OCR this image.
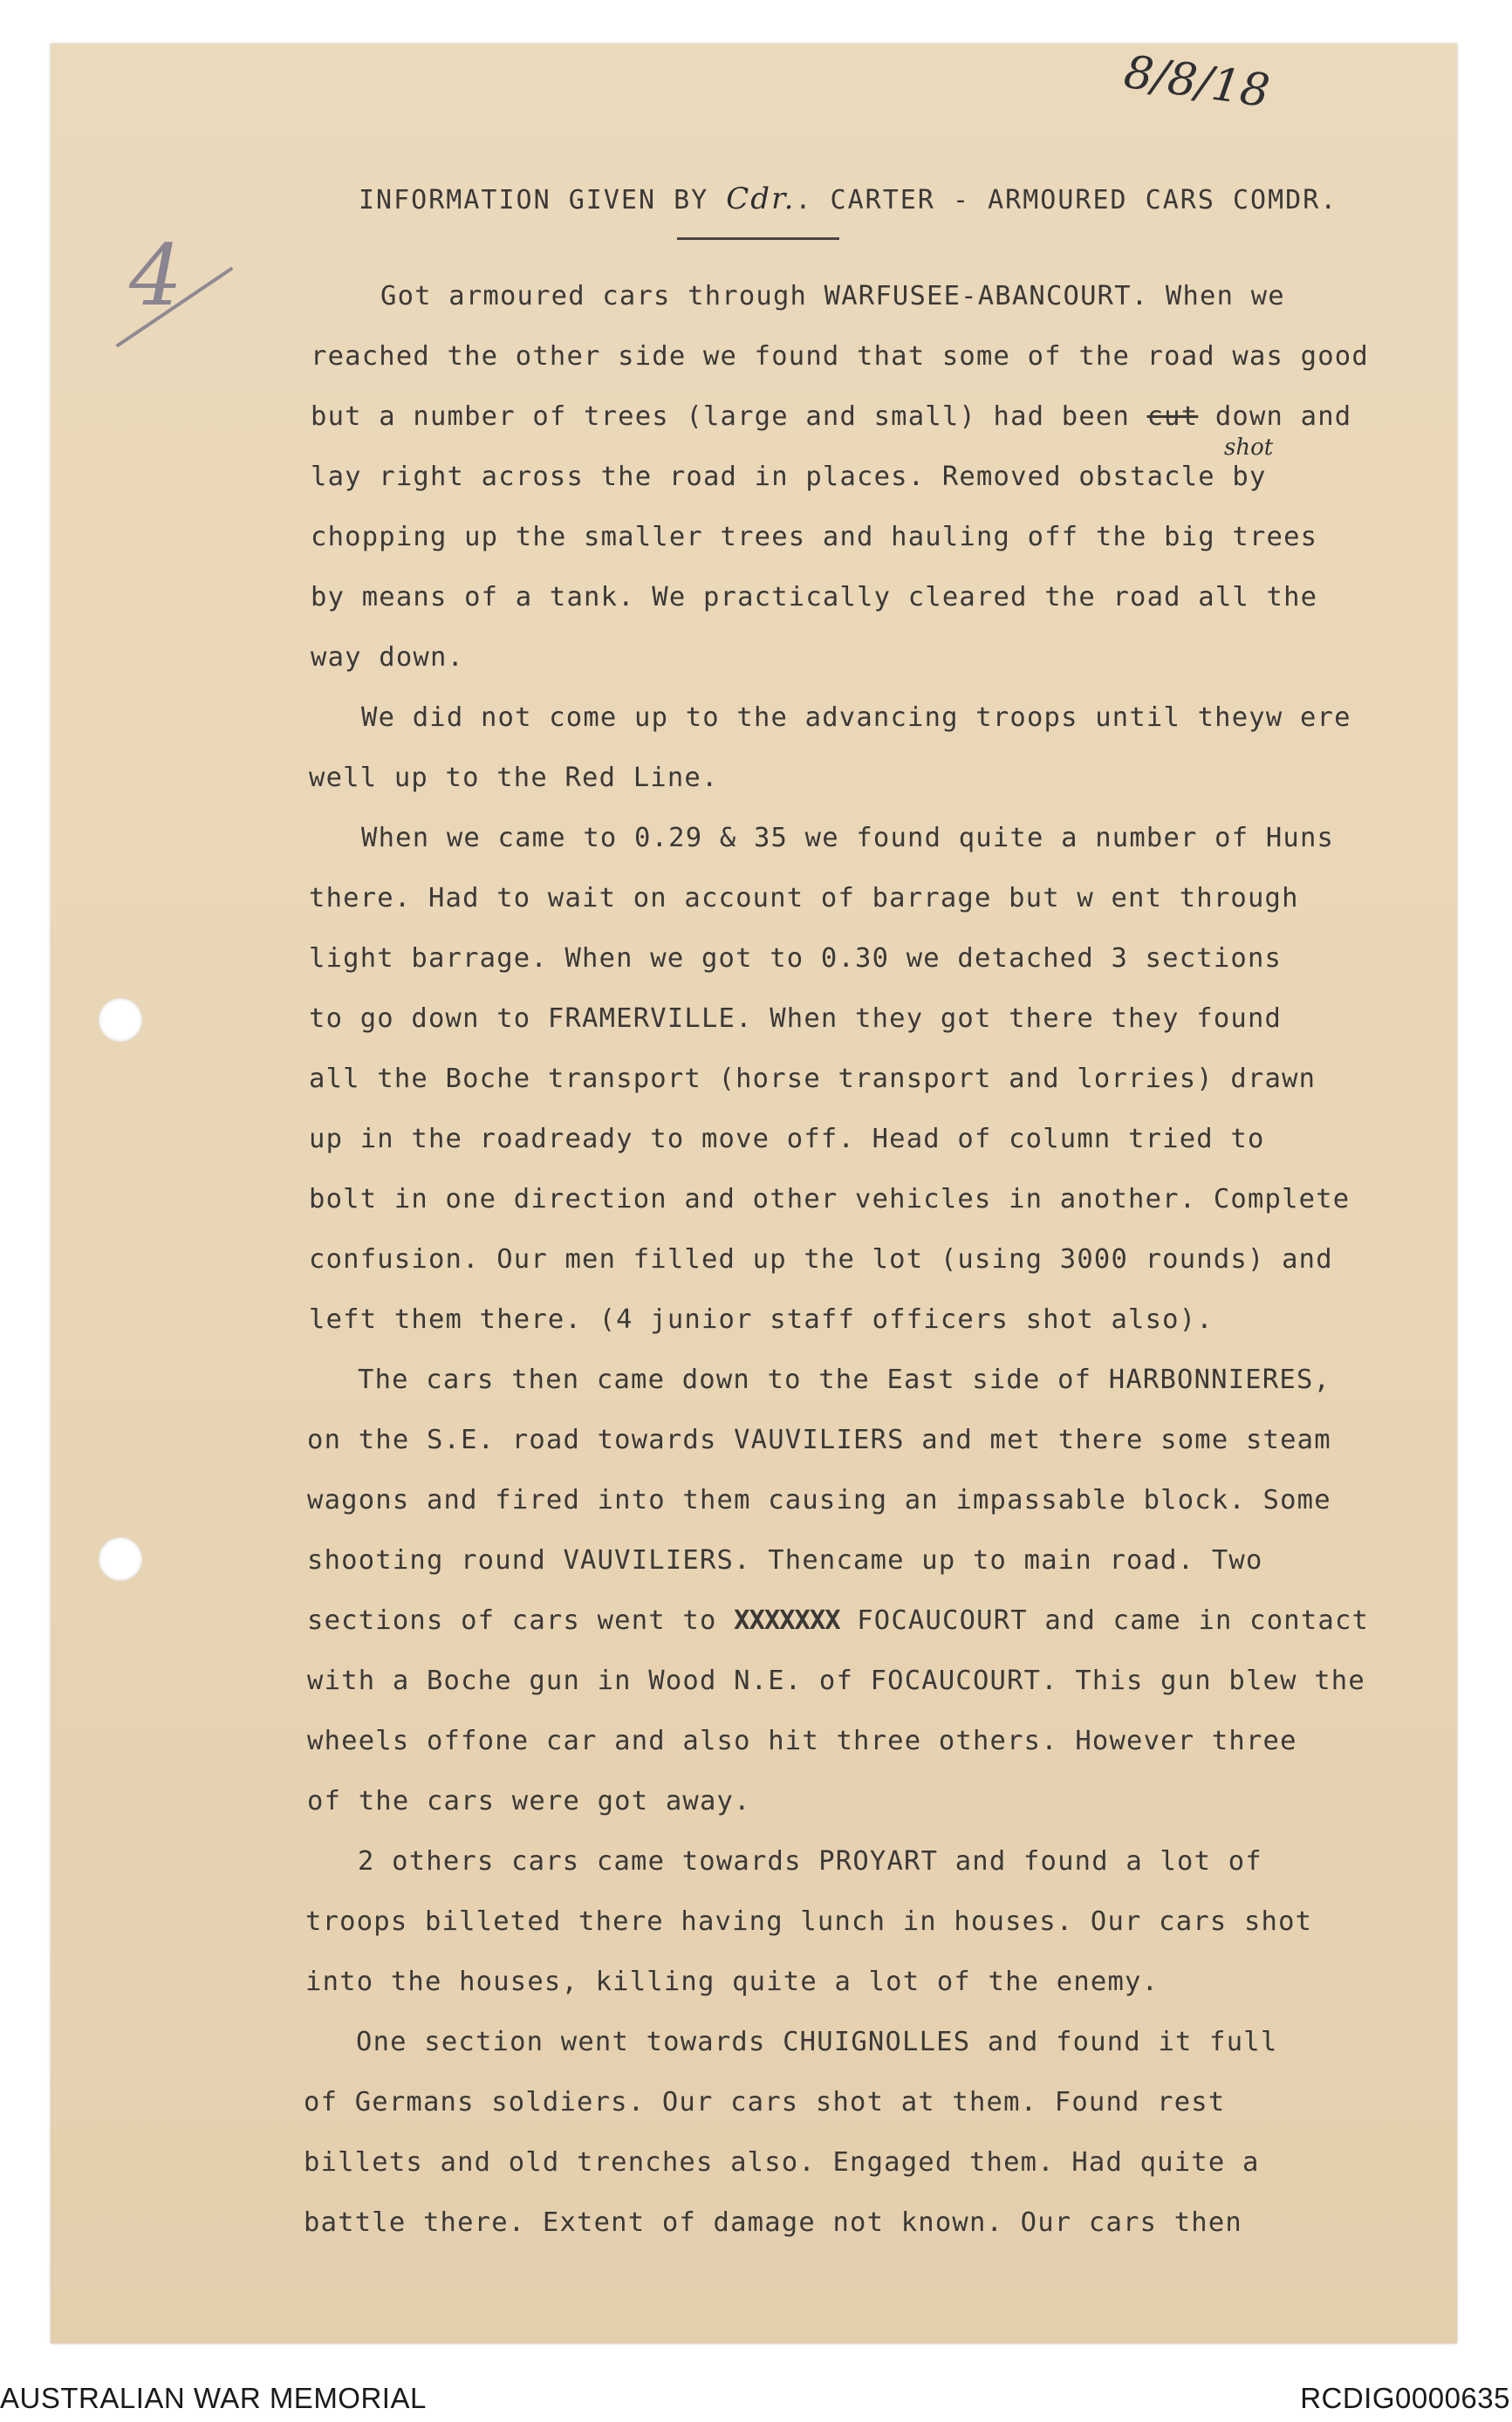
8/8/18
4
INFORMATION GIVEN BY Cdr.. CARTER - ARMOURED CARS COMDR.
shot
Got armoured cars through WARFUSEE-ABANCOURT. When we
reached the other side we found that some of the road was good
but a number of trees (large and small) had been cut down and
lay right across the road in places. Removed obstacle by
chopping up the smaller trees and hauling off the big trees
by means of a tank. We practically cleared the road all the
way down.
We did not come up to the advancing troops until theyw ere
well up to the Red Line.
When we came to 0.29 & 35 we found quite a number of Huns
there. Had to wait on account of barrage but w ent through
light barrage. When we got to 0.30 we detached 3 sections
to go down to FRAMERVILLE. When they got there they found
all the Boche transport (horse transport and lorries) drawn
up in the roadready to move off. Head of column tried to
bolt in one direction and other vehicles in another. Complete
confusion. Our men filled up the lot (using 3000 rounds) and
left them there. (4 junior staff officers shot also).
The cars then came down to the East side of HARBONNIERES,
on the S.E. road towards VAUVILIERS and met there some steam
wagons and fired into them causing an impassable block. Some
shooting round VAUVILIERS. Thencame up to main road. Two
sections of cars went to XXXXXXX FOCAUCOURT and came in contact
with a Boche gun in Wood N.E. of FOCAUCOURT. This gun blew the
wheels offone car and also hit three others. However three
of the cars were got away.
2 others cars came towards PROYART and found a lot of
troops billeted there having lunch in houses. Our cars shot
into the houses, killing quite a lot of the enemy.
One section went towards CHUIGNOLLES and found it full
of Germans soldiers. Our cars shot at them. Found rest
billets and old trenches also. Engaged them. Had quite a
battle there. Extent of damage not known. Our cars then
AUSTRALIAN WAR MEMORIAL	RCDIG0000635
